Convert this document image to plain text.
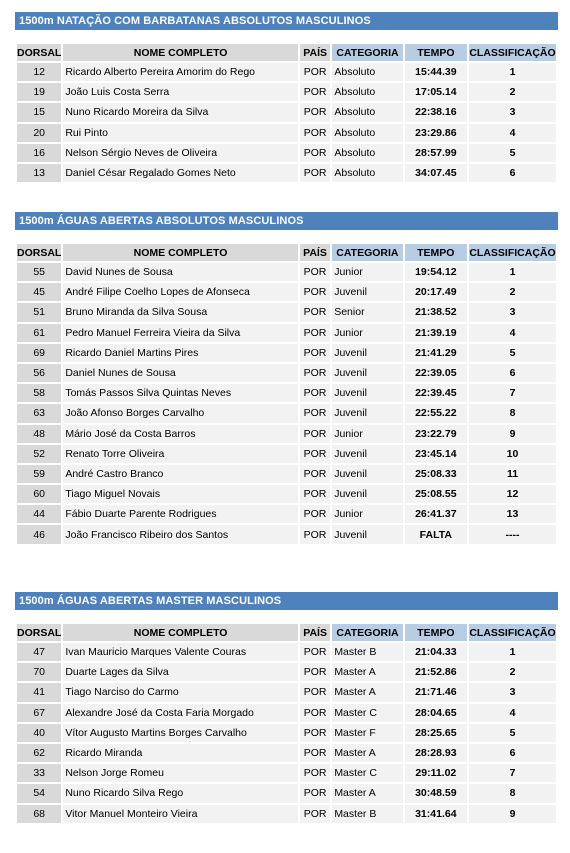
1500m NATAÇÃO COM BARBATANAS ABSOLUTOS MASCULINOS
DORSAL	NOME COMPLETO	PAÍS	CATEGORIA	TEMPO	CLASSIFICAÇÃO
12	Ricardo Alberto Pereira Amorim do Rego	POR	Absoluto	15:44.39	1
19	João Luis Costa Serra	POR	Absoluto	17:05.14	2
15	Nuno Ricardo Moreira da Silva	POR	Absoluto	22:38.16	3
20	Rui Pinto	POR	Absoluto	23:29.86	4
16	Nelson Sérgio Neves de Oliveira	POR	Absoluto	28:57.99	5
13	Daniel César Regalado Gomes Neto	POR	Absoluto	34:07.45	6
1500m ÁGUAS ABERTAS ABSOLUTOS MASCULINOS
DORSAL	NOME COMPLETO	PAÍS	CATEGORIA	TEMPO	CLASSIFICAÇÃO
55	David Nunes de Sousa	POR	Junior	19:54.12	1
45	André Filipe Coelho Lopes de Afonseca	POR	Juvenil	20:17.49	2
51	Bruno Miranda da Silva Sousa	POR	Senior	21:38.52	3
61	Pedro Manuel Ferreira Vieira da Silva	POR	Junior	21:39.19	4
69	Ricardo Daniel Martins Pires	POR	Juvenil	21:41.29	5
56	Daniel Nunes de Sousa	POR	Juvenil	22:39.05	6
58	Tomás Passos Silva Quintas Neves	POR	Juvenil	22:39.45	7
63	João Afonso Borges Carvalho	POR	Juvenil	22:55.22	8
48	Mário José da Costa Barros	POR	Junior	23:22.79	9
52	Renato Torre Oliveira	POR	Juvenil	23:45.14	10
59	André Castro Branco	POR	Juvenil	25:08.33	11
60	Tiago Miguel Novais	POR	Juvenil	25:08.55	12
44	Fábio Duarte Parente Rodrigues	POR	Junior	26:41.37	13
46	João Francisco Ribeiro dos Santos	POR	Juvenil	FALTA	----
1500m ÁGUAS ABERTAS MASTER MASCULINOS
DORSAL	NOME COMPLETO	PAÍS	CATEGORIA	TEMPO	CLASSIFICAÇÃO
47	Ivan Mauricio Marques Valente Couras	POR	Master B	21:04.33	1
70	Duarte Lages da Silva	POR	Master A	21:52.86	2
41	Tiago Narciso do Carmo	POR	Master A	21:71.46	3
67	Alexandre José da Costa Faria Morgado	POR	Master C	28:04.65	4
40	Vítor Augusto Martins Borges Carvalho	POR	Master F	28:25.65	5
62	Ricardo Miranda	POR	Master A	28:28.93	6
33	Nelson Jorge Romeu	POR	Master C	29:11.02	7
54	Nuno Ricardo Silva Rego	POR	Master A	30:48.59	8
68	Vitor Manuel Monteiro Vieira	POR	Master B	31:41.64	9
